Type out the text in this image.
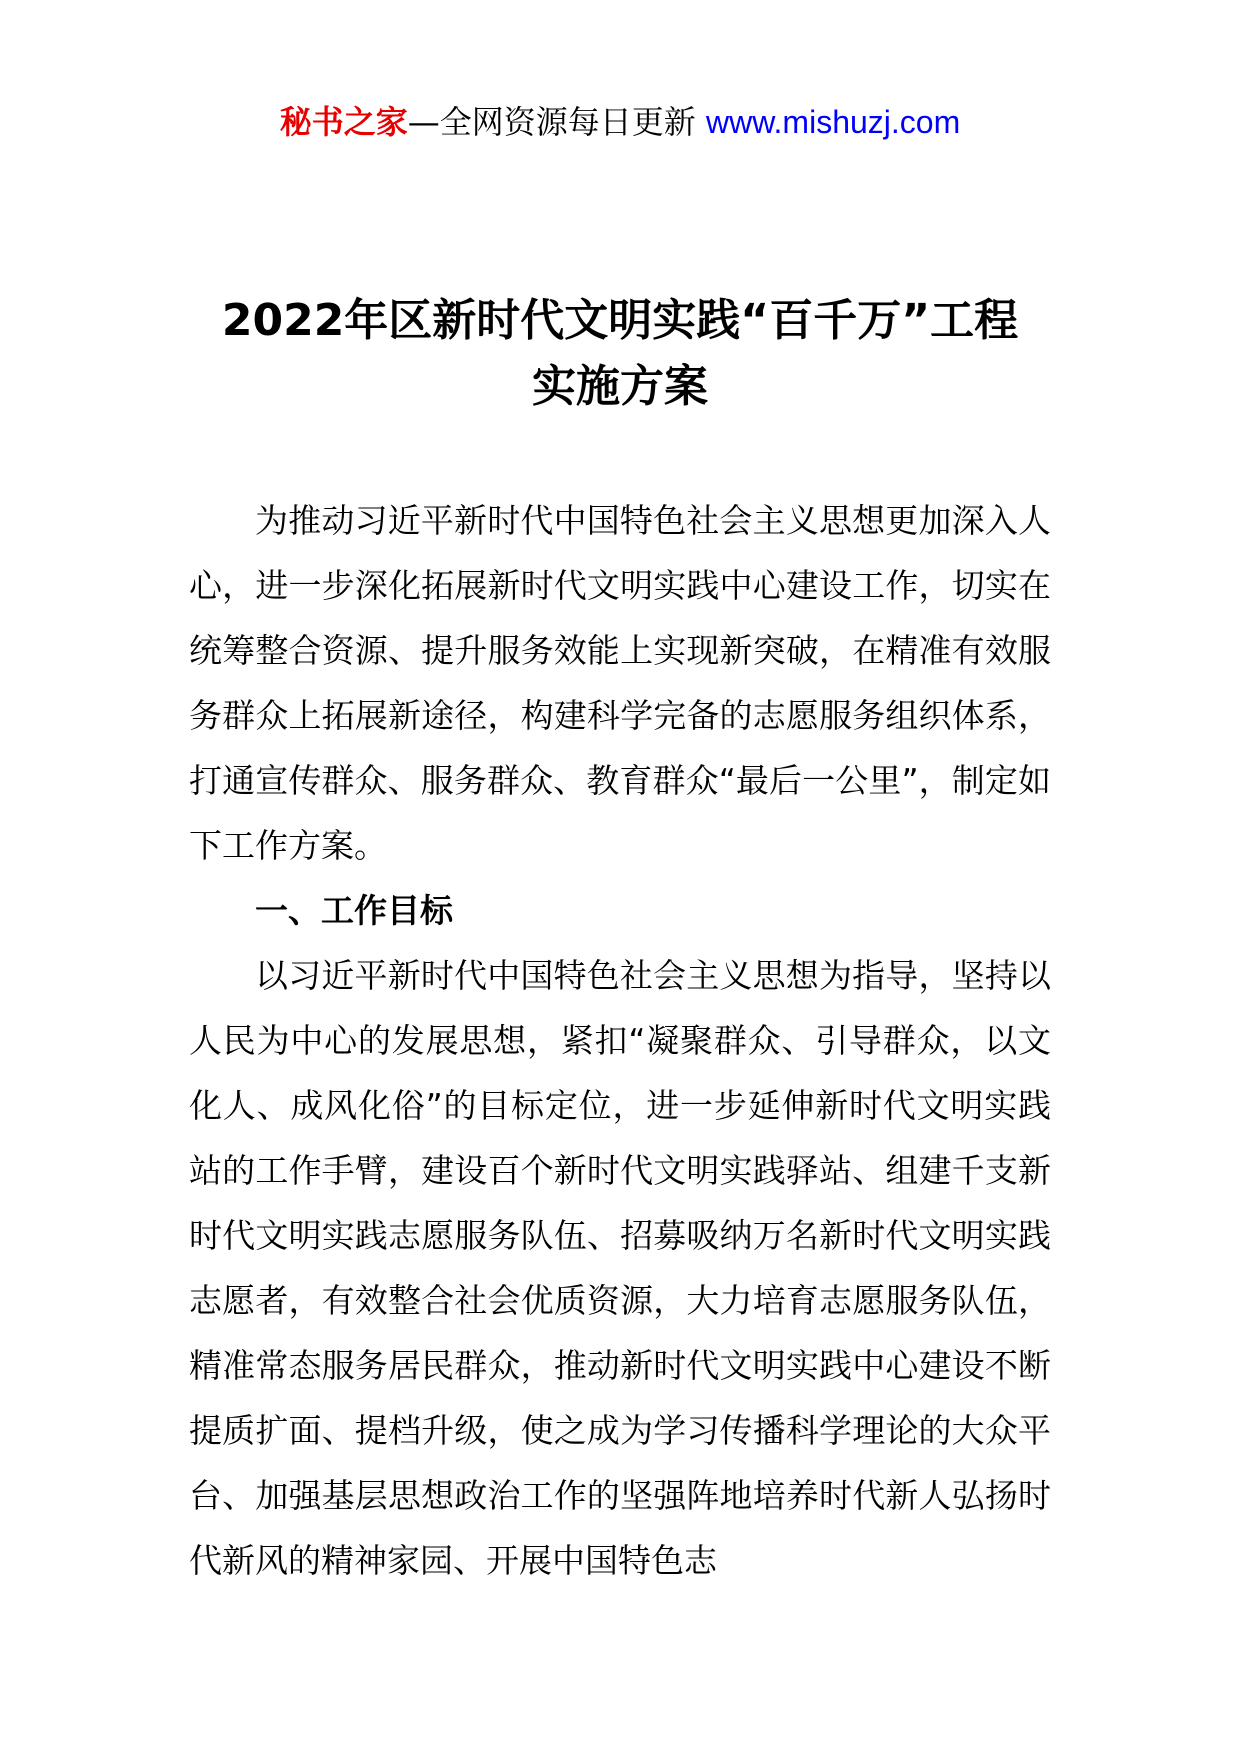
秘书之家—全网资源每日更新 www.mishuzj.com
2022年区新时代文明实践“百千万”工程
实施方案

为推动习近平新时代中国特色社会主义思想更加深入人心，进一步深化拓展新时代文明实践中心建设工作，切实在统筹整合资源、提升服务效能上实现新突破，在精准有效服务群众上拓展新途径，构建科学完备的志愿服务组织体系，打通宣传群众、服务群众、教育群众“最后一公里”，制定如下工作方案。

一、工作目标

以习近平新时代中国特色社会主义思想为指导，坚持以人民为中心的发展思想，紧扣“凝聚群众、引导群众，以文化人、成风化俗”的目标定位，进一步延伸新时代文明实践站的工作手臂，建设百个新时代文明实践驿站、组建千支新时代文明实践志愿服务队伍、招募吸纳万名新时代文明实践志愿者，有效整合社会优质资源，大力培育志愿服务队伍，精准常态服务居民群众，推动新时代文明实践中心建设不断提质扩面、提档升级，使之成为学习传播科学理论的大众平台、加强基层思想政治工作的坚强阵地培养时代新人弘扬时代新风的精神家园、开展中国特色志
